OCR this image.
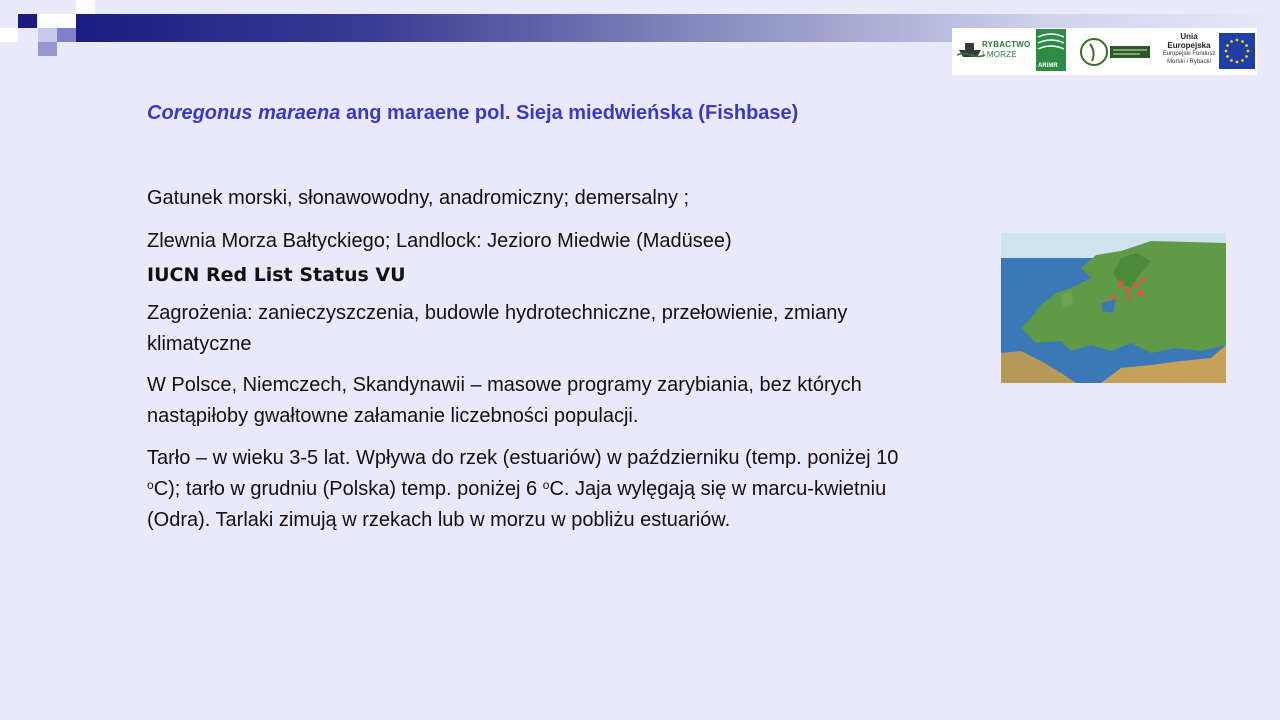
RYBACTWO
I MORZE
ARiMR
Unia Europejska
Europejski Fundusz
Morski i Rybacki
Coregonus maraena ang maraene pol. Sieja miedwieńska (Fishbase)
Gatunek morski, słonawowodny, anadromiczny; demersalny ;
Zlewnia Morza Bałtyckiego; Landlock: Jezioro Miedwie (Madüsee)
IUCN Red List Status VU
Zagrożenia: zanieczyszczenia, budowle hydrotechniczne, przełowienie, zmiany klimatyczne
W Polsce, Niemczech, Skandynawii – masowe programy zarybiania, bez których nastąpiłoby gwałtowne załamanie liczebności populacji.
Tarło – w wieku 3-5 lat. Wpływa do rzek (estuariów) w październiku (temp. poniżej 10 $^o$C); tarło w grudniu (Polska) temp. poniżej 6 $^o$C. Jaja wylęgają się w marcu-kwietniu (Odra). Tarlaki zimują w rzekach lub w morzu w pobliżu estuariów.
